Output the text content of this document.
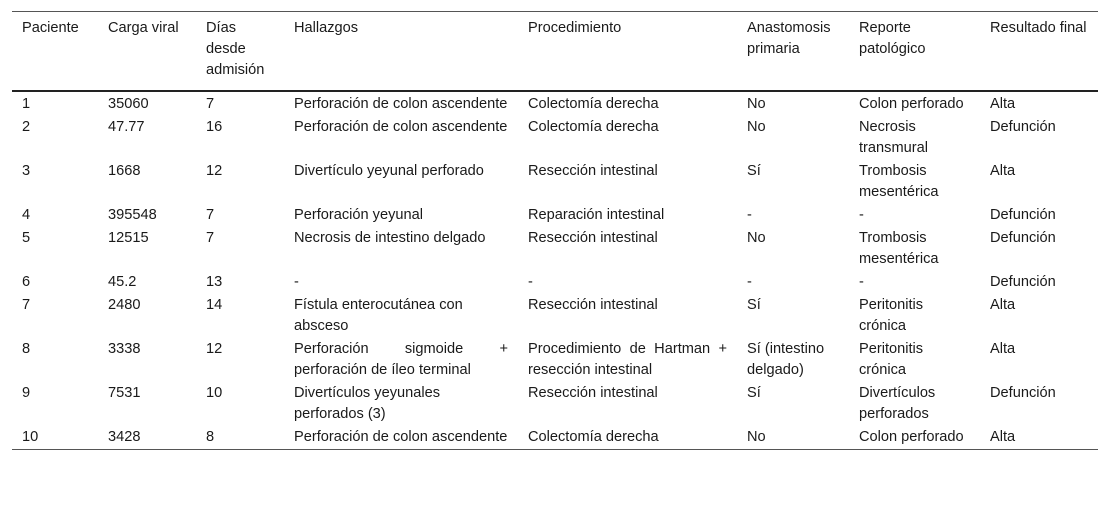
Paciente	Carga viral	Días desde admisión	Hallazgos	Procedimiento	Anastomosis primaria	Reporte patológico	Resultado final
1	35060	7	Perforación de colon ascendente	Colectomía derecha	No	Colon perforado	Alta
2	47.77	16	Perforación de colon ascendente	Colectomía derecha	No	Necrosis transmural	Defunción
3	1668	12	Divertículo yeyunal perforado	Resección intestinal	Sí	Trombosis mesentérica	Alta
4	395548	7	Perforación yeyunal	Reparación intestinal	-	-	Defunción
5	12515	7	Necrosis de intestino delgado	Resección intestinal	No	Trombosis mesentérica	Defunción
6	45.2	13	-	-	-	-	Defunción
7	2480	14	Fístula enterocutánea con absceso	Resección intestinal	Sí	Peritonitis crónica	Alta
8	3338	12	Perforación sigmoide + perforación de íleo terminal	Procedimiento de Hartman + resección intestinal	Sí (intestino delgado)	Peritonitis crónica	Alta
9	7531	10	Divertículos yeyunales perforados (3)	Resección intestinal	Sí	Divertículos perforados	Defunción
10	3428	8	Perforación de colon ascendente	Colectomía derecha	No	Colon perforado	Alta
